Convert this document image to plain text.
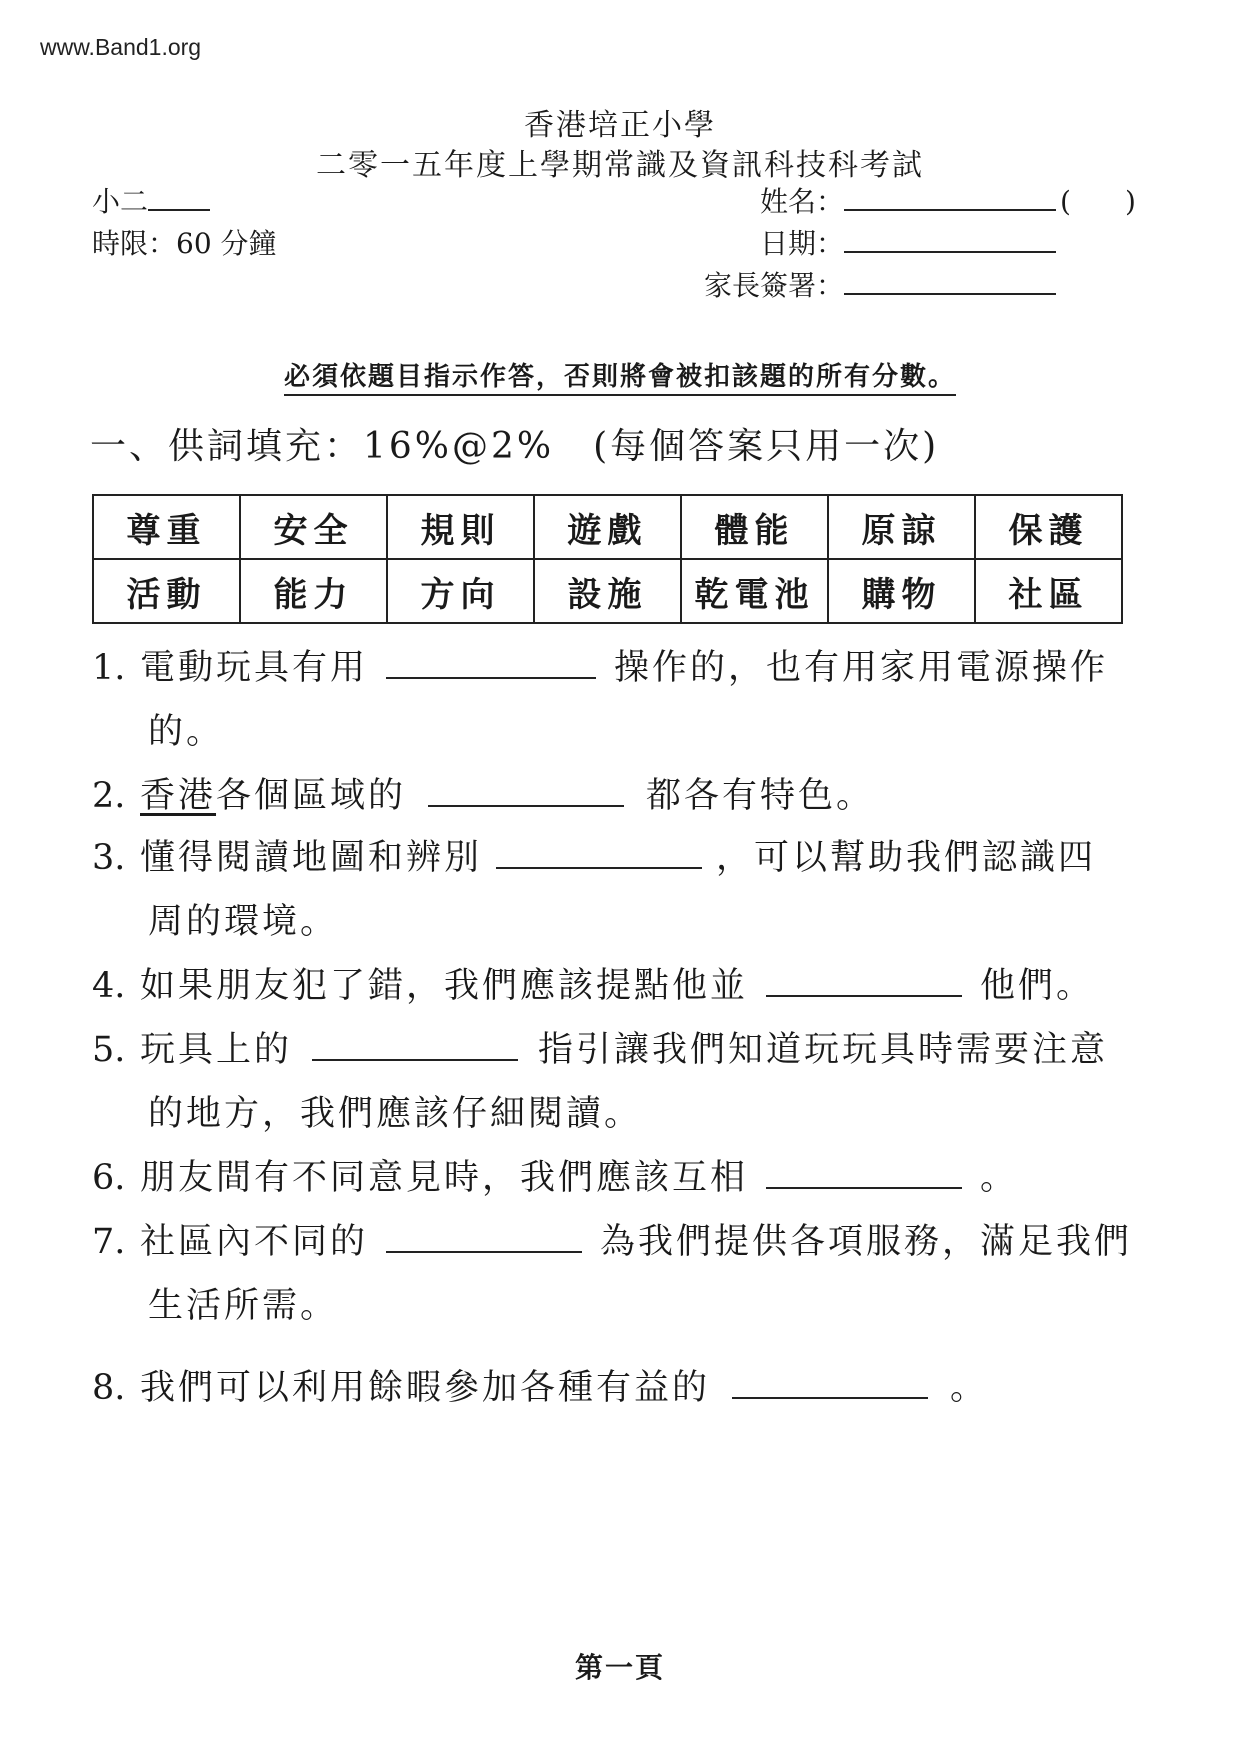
www.Band1.org
香港培正小學
二零一五年度上學期常識及資訊科技科考試
小二
時限：60 分鐘
姓名：	( )
日期：
家長簽署：
必須依題目指示作答，否則將會被扣該題的所有分數。
一、供詞填充：16%@2%　(每個答案只用一次)
尊重	安全	規則	遊戲	體能	原諒	保護
活動	能力	方向	設施	乾電池	購物	社區
1. 電動玩具有用	操作的，也有用家用電源操作
的。
2. 香港各個區域的	都各有特色。
3. 懂得閱讀地圖和辨別	，可以幫助我們認識四
周的環境。
4. 如果朋友犯了錯，我們應該提點他並	他們。
5. 玩具上的	指引讓我們知道玩玩具時需要注意
的地方，我們應該仔細閱讀。
6. 朋友間有不同意見時，我們應該互相	。
7. 社區內不同的	為我們提供各項服務，滿足我們
生活所需。
8. 我們可以利用餘暇參加各種有益的	。
第一頁
